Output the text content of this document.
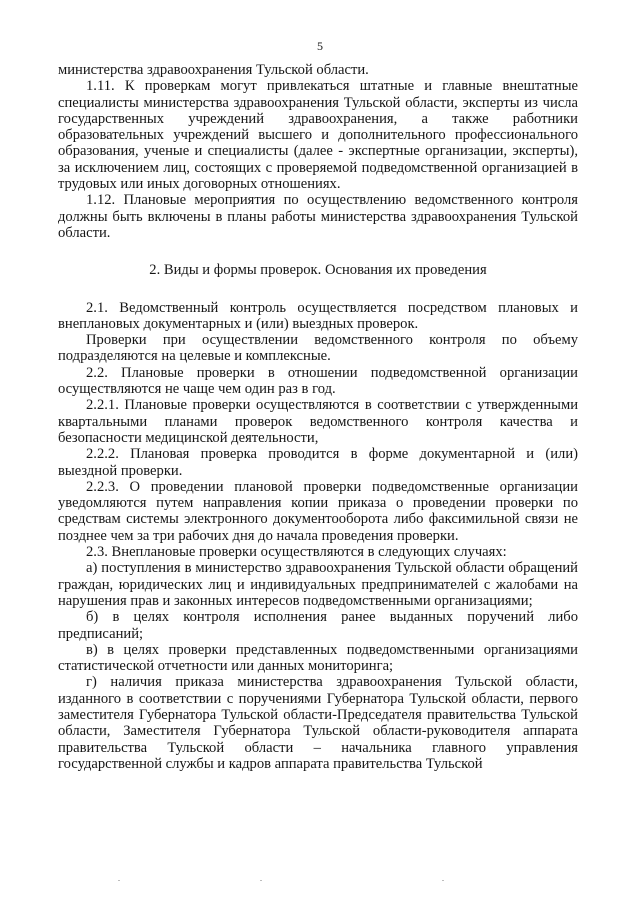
5

министерства здравоохранения Тульской области.

1.11. К проверкам могут привлекаться штатные и главные внештатные специалисты министерства здравоохранения Тульской области, эксперты из числа государственных учреждений здравоохранения, а также работники образовательных учреждений высшего и дополнительного профессионального образования, ученые и специалисты (далее - экспертные организации, эксперты), за исключением лиц, состоящих с проверяемой подведомственной организацией в трудовых или иных договорных отношениях.

1.12. Плановые мероприятия по осуществлению ведомственного контроля должны быть включены в планы работы министерства здравоохранения Тульской области.

2. Виды и формы проверок. Основания их проведения

2.1. Ведомственный контроль осуществляется посредством плановых и внеплановых документарных и (или) выездных проверок.

Проверки при осуществлении ведомственного контроля по объему подразделяются на целевые и комплексные.

2.2. Плановые проверки в отношении подведомственной организации осуществляются не чаще чем один раз в год.

2.2.1. Плановые проверки осуществляются в соответствии с утвержденными квартальными планами проверок ведомственного контроля качества и безопасности медицинской деятельности,

2.2.2. Плановая проверка проводится в форме документарной и (или) выездной проверки.

2.2.3. О проведении плановой проверки подведомственные организации уведомляются путем направления копии приказа о проведении проверки по средствам системы электронного документооборота либо факсимильной связи не позднее чем за три рабочих дня до начала проведения проверки.

2.3. Внеплановые проверки осуществляются в следующих случаях:

а) поступления в министерство здравоохранения Тульской области обращений граждан, юридических лиц и индивидуальных предпринимателей с жалобами на нарушения прав и законных интересов подведомственными организациями;

б) в целях контроля исполнения ранее выданных поручений либо предписаний;

в) в целях проверки представленных подведомственными организациями статистической отчетности или данных мониторинга;

г) наличия приказа министерства здравоохранения Тульской области, изданного в соответствии с поручениями Губернатора Тульской области, первого заместителя Губернатора Тульской области-Председателя правительства Тульской области, Заместителя Губернатора Тульской области-руководителя аппарата правительства Тульской области – начальника главного управления государственной службы и кадров аппарата правительства Тульской
